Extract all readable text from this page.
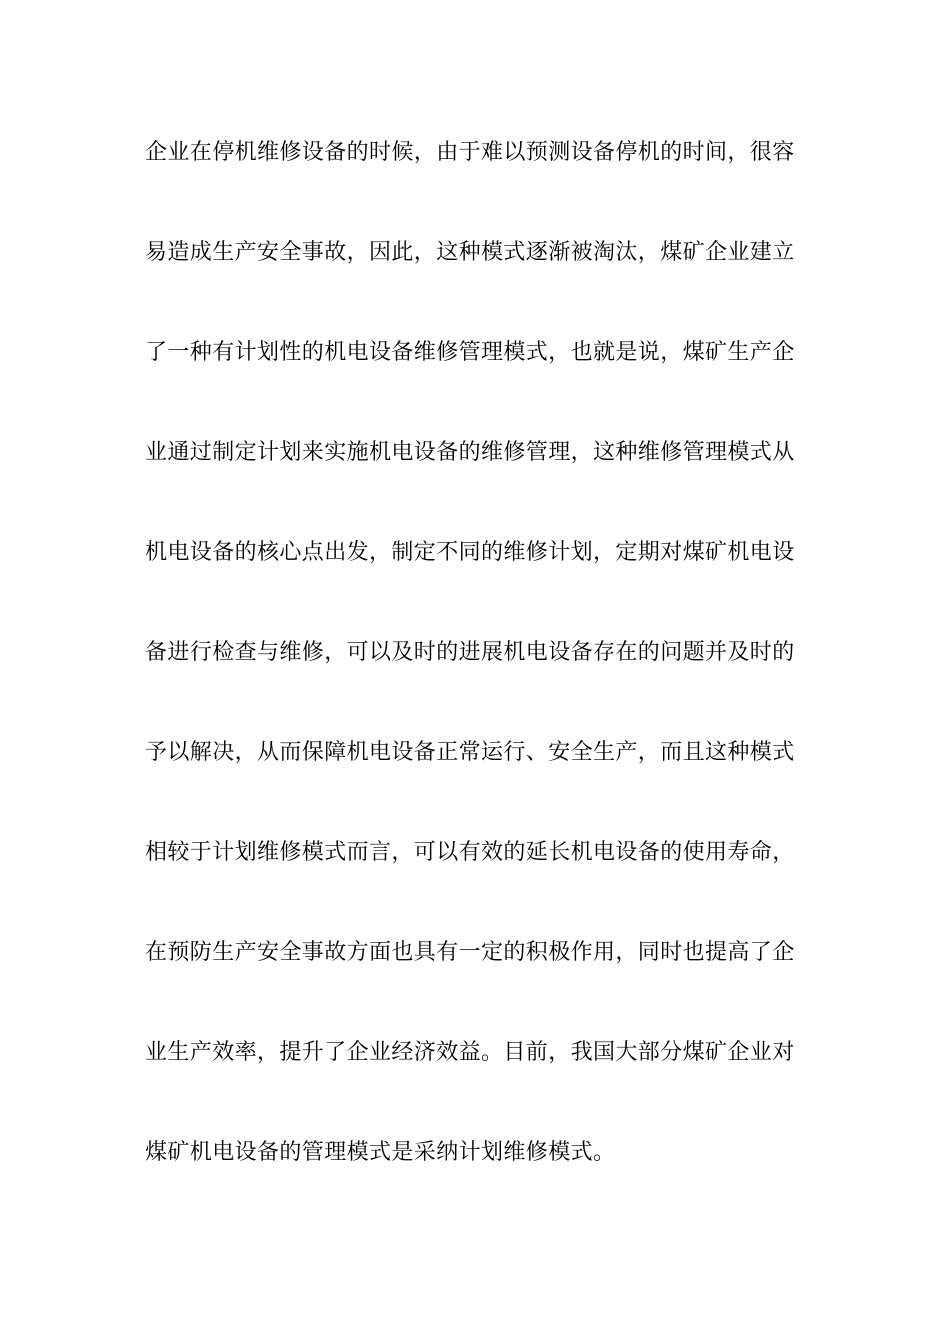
企业在停机维修设备的时候，由于难以预测设备停机的时间，很容
易造成生产安全事故，因此，这种模式逐渐被淘汰，煤矿企业建立
了一种有计划性的机电设备维修管理模式，也就是说，煤矿生产企
业通过制定计划来实施机电设备的维修管理，这种维修管理模式从
机电设备的核心点出发，制定不同的维修计划，定期对煤矿机电设
备进行检查与维修，可以及时的进展机电设备存在的问题并及时的
予以解决，从而保障机电设备正常运行、安全生产，而且这种模式
相较于计划维修模式而言，可以有效的延长机电设备的使用寿命，
在预防生产安全事故方面也具有一定的积极作用，同时也提高了企
业生产效率，提升了企业经济效益。目前，我国大部分煤矿企业对
煤矿机电设备的管理模式是采纳计划维修模式。
